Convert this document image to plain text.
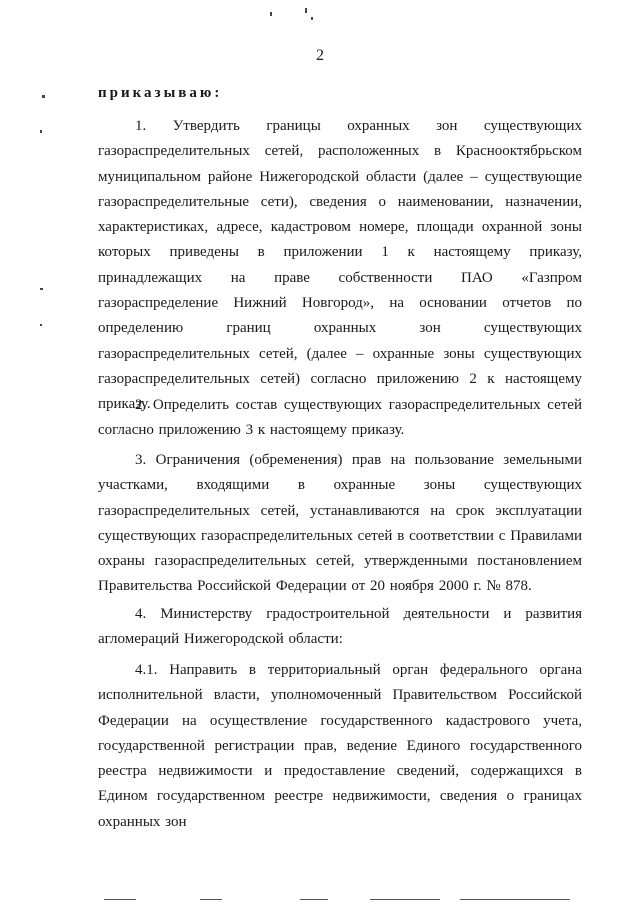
2
приказываю:

1. Утвердить границы охранных зон существующих газораспределительных сетей, расположенных в Краснооктябрьском муниципальном районе Нижегородской области (далее – существующие газораспределительные сети), сведения о наименовании, назначении, характеристиках, адресе, кадастровом номере, площади охранной зоны которых приведены в приложении 1 к настоящему приказу, принадлежащих на праве собственности ПАО «Газпром газораспределение Нижний Новгород», на основании отчетов по определению границ охранных зон существующих газораспределительных сетей, (далее – охранные зоны существующих газораспределительных сетей) согласно приложению 2 к настоящему приказу.

2. Определить состав существующих газораспределительных сетей согласно приложению 3 к настоящему приказу.

3. Ограничения (обременения) прав на пользование земельными участками, входящими в охранные зоны существующих газораспределительных сетей, устанавливаются на срок эксплуатации существующих газораспределительных сетей в соответствии с Правилами охраны газораспределительных сетей, утвержденными постановлением Правительства Российской Федерации от 20 ноября 2000 г. № 878.

4. Министерству градостроительной деятельности и развития агломераций Нижегородской области:

4.1. Направить в территориальный орган федерального органа исполнительной власти, уполномоченный Правительством Российской Федерации на осуществление государственного кадастрового учета, государственной регистрации прав, ведение Единого государственного реестра недвижимости и предоставление сведений, содержащихся в Едином государственном реестре недвижимости, сведения о границах охранных зон
